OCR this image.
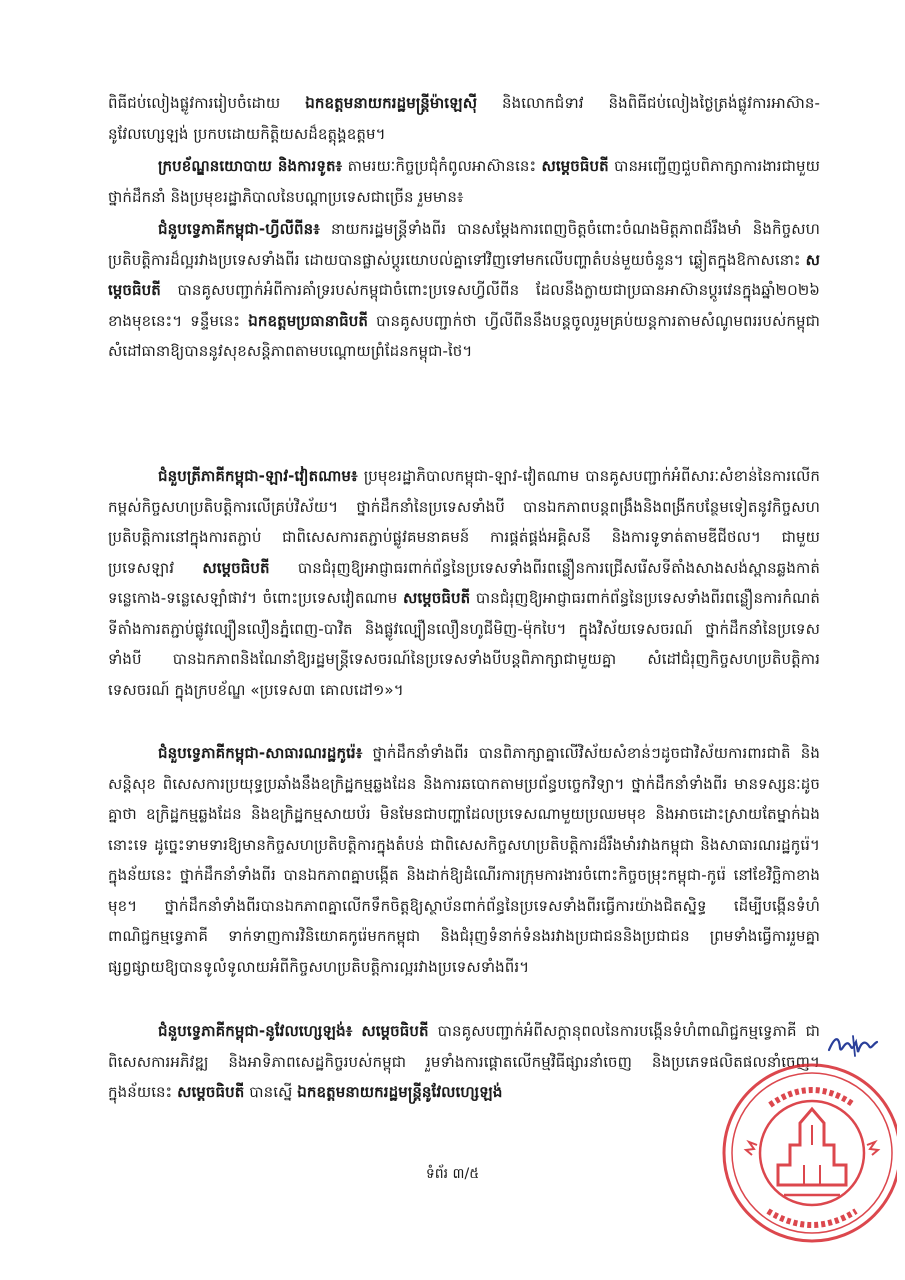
ពិធីជប់លៀងផ្លូវការរៀបចំដោយ ឯកឧត្តមនាយករដ្ឋមន្ត្រីម៉ាឡេស៊ី និងលោកជំទាវ និងពិធីជប់លៀងថ្ងៃត្រង់ផ្លូវការអាស៊ាន-នូវែលហ្សេឡង់ ប្រកបដោយកិត្តិយសដ៏ឧត្តុង្គឧត្តម។

ក្របខ័ណ្ឌនយោបាយ និងការទូត៖ តាមរយៈកិច្ចប្រជុំកំពូលអាស៊ាននេះ សម្តេចធិបតី បានអញ្ជើញជួបពិភាក្សាការងារជាមួយថ្នាក់ដឹកនាំ និងប្រមុខរដ្ឋាភិបាលនៃបណ្តាប្រទេសជាច្រើន រួមមាន៖

ជំនួបទ្វេភាគីកម្ពុជា-ហ្វីលីពីន៖ នាយករដ្ឋមន្ត្រីទាំងពីរ បានសម្តែងការពេញចិត្តចំពោះចំណងមិត្តភាពដ៏រឹងមាំ និងកិច្ចសហប្រតិបត្តិការដ៏ល្អរវាងប្រទេសទាំងពីរ ដោយបានផ្លាស់ប្តូរយោបល់គ្នាទៅវិញទៅមកលើបញ្ហាតំបន់មួយចំនួន។ ឆ្លៀតក្នុងឱកាសនោះ សម្តេចធិបតី បានគូសបញ្ជាក់អំពីការគាំទ្ររបស់កម្ពុជាចំពោះប្រទេសហ្វីលីពីន ដែលនឹងក្លាយជាប្រធានអាស៊ានប្តូរវេនក្នុងឆ្នាំ២០២៦ ខាងមុខនេះ។ ទន្ទឹមនេះ ឯកឧត្តមប្រធានាធិបតី បានគូសបញ្ជាក់ថា ហ្វីលីពីននឹងបន្តចូលរួមគ្រប់យន្តការតាមសំណូមពររបស់កម្ពុជា សំដៅធានាឱ្យបាននូវសុខសន្តិភាពតាមបណ្តោយព្រំដែនកម្ពុជា-ថៃ។

ជំនួបត្រីភាគីកម្ពុជា-ឡាវ-វៀតណាម៖ ប្រមុខរដ្ឋាភិបាលកម្ពុជា-ឡាវ-វៀតណាម បានគូសបញ្ជាក់អំពីសារៈសំខាន់នៃការលើកកម្ពស់កិច្ចសហប្រតិបត្តិការលើគ្រប់វិស័យ។ ថ្នាក់ដឹកនាំនៃប្រទេសទាំងបី បានឯកភាពបន្តពង្រឹងនិងពង្រីកបន្ថែមទៀតនូវកិច្ចសហប្រតិបត្តិការនៅក្នុងការតភ្ជាប់ ជាពិសេសការតភ្ជាប់ផ្លូវគមនាគមន៍ ការផ្គត់ផ្គង់អគ្គិសនី និងការទូទាត់តាមឌីជីថល។ ជាមួយប្រទេសឡាវ សម្តេចធិបតី បានជំរុញឱ្យអាជ្ញាធរពាក់ព័ន្ធនៃប្រទេសទាំងពីរពន្លឿនការជ្រើសរើសទីតាំងសាងសង់ស្ពានឆ្លងកាត់ទន្លេកោង-ទន្លេសេឡាំផាវ។ ចំពោះប្រទេសវៀតណាម សម្តេចធិបតី បានជំរុញឱ្យអាជ្ញាធរពាក់ព័ន្ធនៃប្រទេសទាំងពីរពន្លឿនការកំណត់ទីតាំងការតភ្ជាប់ផ្លូវល្បឿនលឿនភ្នំពេញ-បាវិត និងផ្លូវល្បឿនលឿនហូជីមិញ-ម៉ុកបៃ។ ក្នុងវិស័យទេសចរណ៍ ថ្នាក់ដឹកនាំនៃប្រទេសទាំងបី បានឯកភាពនិងណែនាំឱ្យរដ្ឋមន្ត្រីទេសចរណ៍នៃប្រទេសទាំងបីបន្តពិភាក្សាជាមួយគ្នា សំដៅជំរុញកិច្ចសហប្រតិបត្តិការទេសចរណ៍ ក្នុងក្របខ័ណ្ឌ «ប្រទេស៣ គោលដៅ១»។

ជំនួបទ្វេភាគីកម្ពុជា-សាធារណរដ្ឋកូរ៉េ៖ ថ្នាក់ដឹកនាំទាំងពីរ បានពិភាក្សាគ្នាលើវិស័យសំខាន់ៗដូចជាវិស័យការពារជាតិ និងសន្តិសុខ ពិសេសការប្រយុទ្ធប្រឆាំងនឹងឧក្រិដ្ឋកម្មឆ្លងដែន និងការឆបោកតាមប្រព័ន្ធបច្ចេកវិទ្យា។ ថ្នាក់ដឹកនាំទាំងពីរ មានទស្សនៈដូចគ្នាថា ឧក្រិដ្ឋកម្មឆ្លងដែន និងឧក្រិដ្ឋកម្មសាយប័រ មិនមែនជាបញ្ហាដែលប្រទេសណាមួយប្រឈមមុខ និងអាចដោះស្រាយតែម្នាក់ឯងនោះទេ ដូច្នេះទាមទារឱ្យមានកិច្ចសហប្រតិបត្តិការក្នុងតំបន់ ជាពិសេសកិច្ចសហប្រតិបត្តិការដ៏រឹងមាំរវាងកម្ពុជា និងសាធារណរដ្ឋកូរ៉េ។ ក្នុងន័យនេះ ថ្នាក់ដឹកនាំទាំងពីរ បានឯកភាពគ្នាបង្កើត និងដាក់ឱ្យដំណើរការក្រុមការងារចំពោះកិច្ចចម្រុះកម្ពុជា-កូរ៉េ នៅខែវិច្ឆិកាខាងមុខ។ ថ្នាក់ដឹកនាំទាំងពីរបានឯកភាពគ្នាលើកទឹកចិត្តឱ្យស្ថាប័នពាក់ព័ន្ធនៃប្រទេសទាំងពីរធ្វើការយ៉ាងជិតស្និទ្ធ ដើម្បីបង្កើនទំហំពាណិជ្ជកម្មទ្វេភាគី ទាក់ទាញការវិនិយោគកូរ៉េមកកម្ពុជា និងជំរុញទំនាក់ទំនងរវាងប្រជាជននិងប្រជាជន ព្រមទាំងធ្វើការរួមគ្នាផ្សព្វផ្សាយឱ្យបានទូលំទូលាយអំពីកិច្ចសហប្រតិបត្តិការល្អរវាងប្រទេសទាំងពីរ។

ជំនួបទ្វេភាគីកម្ពុជា-នូវែលហ្សេឡង់៖ សម្តេចធិបតី បានគូសបញ្ជាក់អំពីសក្តានុពលនៃការបង្កើនទំហំពាណិជ្ជកម្មទ្វេភាគី ជាពិសេសការអភិវឌ្ឍ និងអាទិភាពសេដ្ឋកិច្ចរបស់កម្ពុជា រួមទាំងការផ្តោតលើកម្មវិធីផ្សារនាំចេញ និងប្រភេទផលិតផលនាំចេញ។ ក្នុងន័យនេះ សម្តេចធិបតី បានស្នើ ឯកឧត្តមនាយករដ្ឋមន្ត្រីនូវែលហ្សេឡង់

ទំព័រ ៣/៥
